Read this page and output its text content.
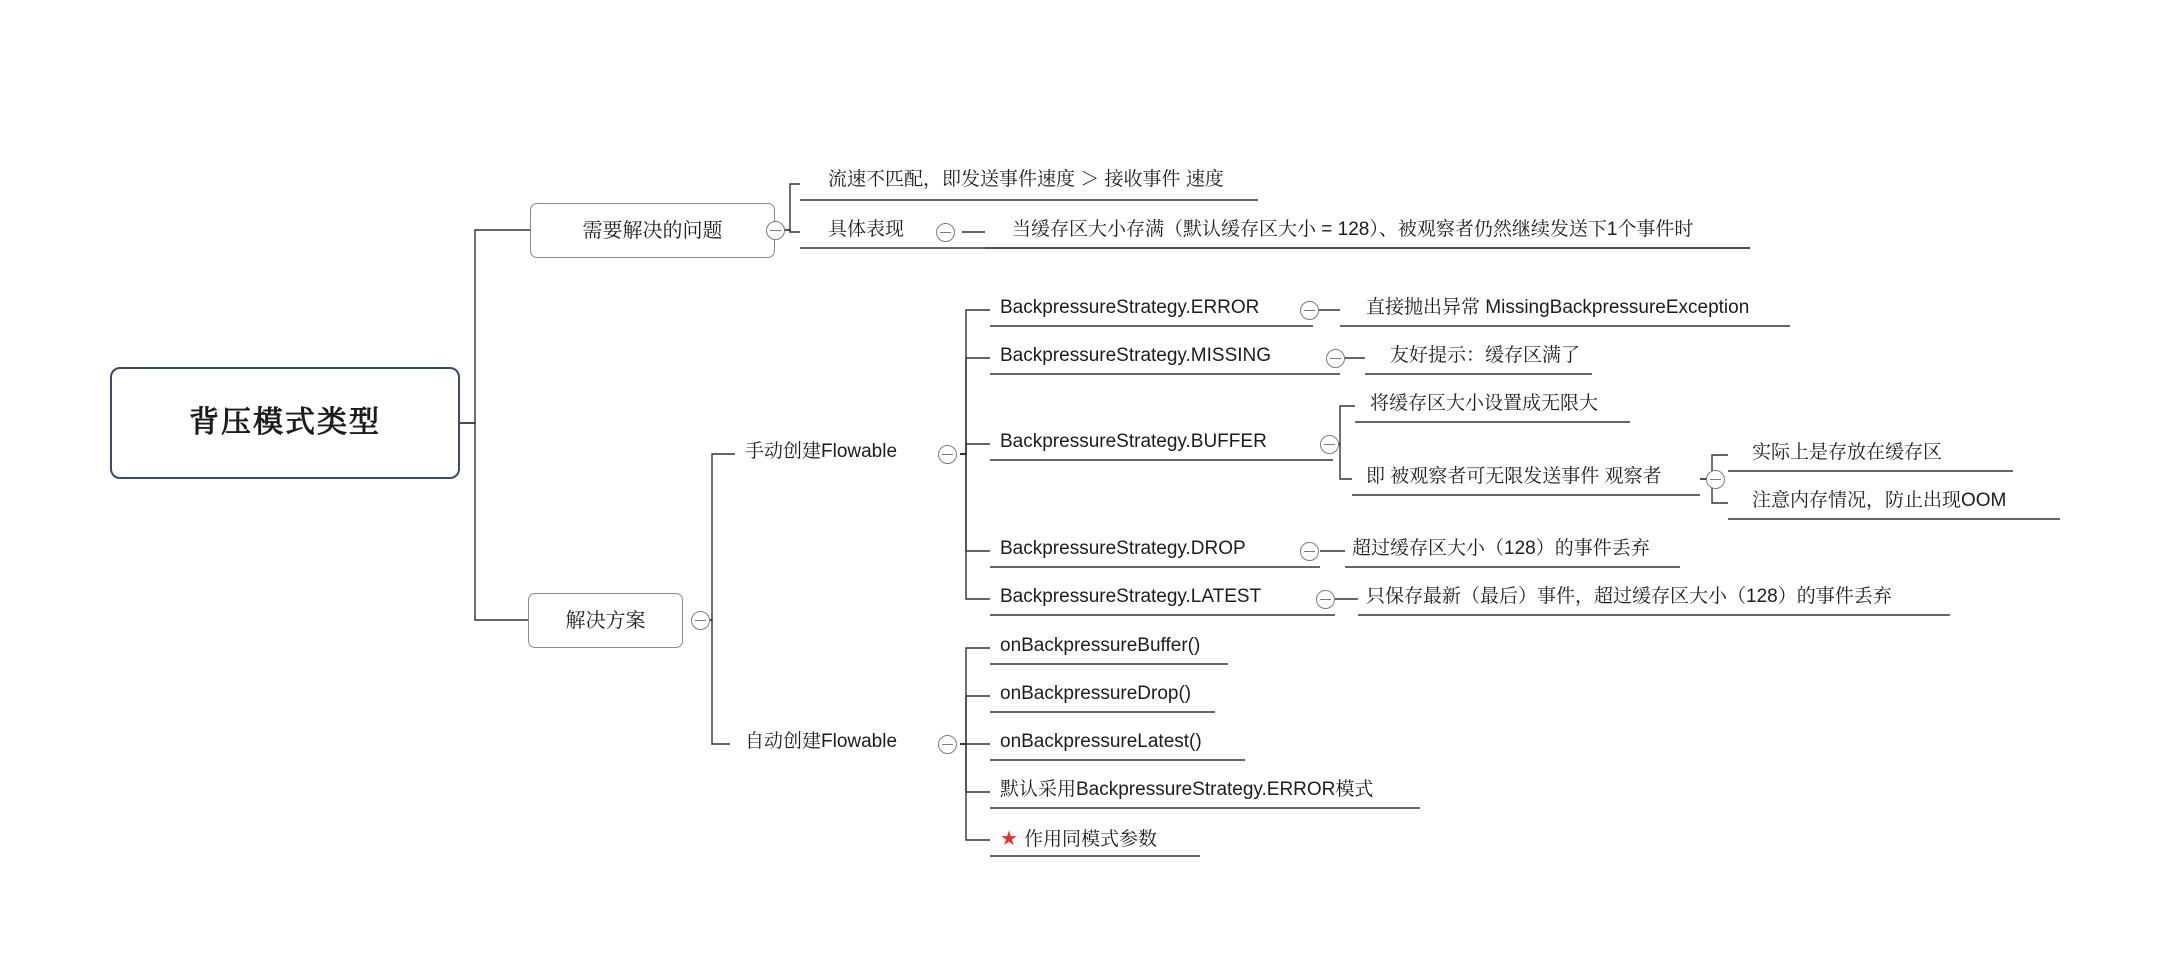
背压模式类型
需要解决的问题
解决方案
流速不匹配，即发送事件速度 ＞ 接收事件 速度
具体表现	当缓存区大小存满（默认缓存区大小 = 128）、被观察者仍然继续发送下1个事件时
手动创建Flowable
自动创建Flowable
BackpressureStrategy.ERROR	直接抛出异常 MissingBackpressureException
BackpressureStrategy.MISSING	友好提示：缓存区满了
BackpressureStrategy.BUFFER
将缓存区大小设置成无限大
即 被观察者可无限发送事件 观察者
实际上是存放在缓存区
注意内存情况，防止出现OOM
BackpressureStrategy.DROP	超过缓存区大小（128）的事件丢弃
BackpressureStrategy.LATEST	只保存最新（最后）事件，超过缓存区大小（128）的事件丢弃
onBackpressureBuffer()
onBackpressureDrop()
onBackpressureLatest()
默认采用BackpressureStrategy.ERROR模式
★ 作用同模式参数
